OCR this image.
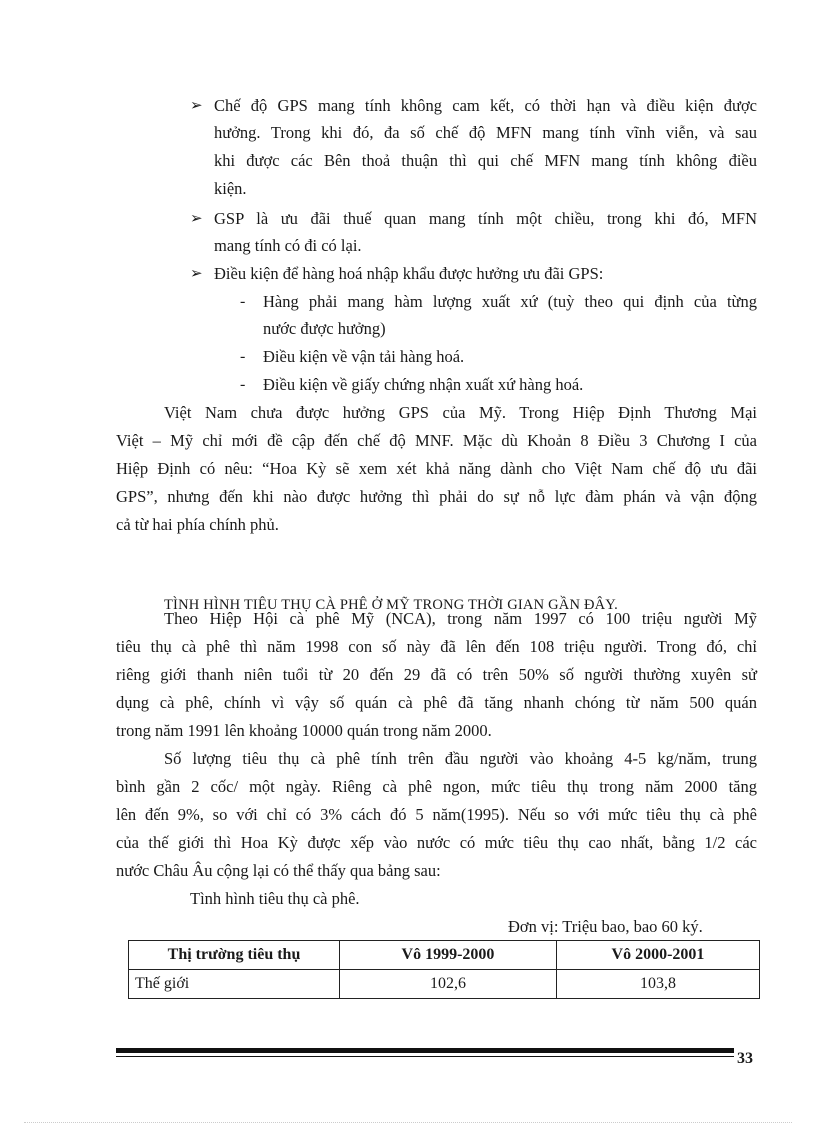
➢ Chế độ GPS mang tính không cam kết, có thời hạn và điều kiện được

hưởng. Trong khi đó, đa số chế độ MFN mang tính vĩnh viễn, và sau

khi được các Bên thoả thuận thì qui chế MFN mang tính không điều

kiện.

➢ GSP là ưu đãi thuế quan mang tính một chiều, trong khi đó, MFN

mang tính có đi có lại.

➢ Điều kiện để hàng hoá nhập khẩu được hưởng ưu đãi GPS:

- Hàng phải mang hàm lượng xuất xứ (tuỳ theo qui định của từng

nước được hưởng)

- Điều kiện về vận tải hàng hoá.

- Điều kiện về giấy chứng nhận xuất xứ hàng hoá.

Việt Nam chưa được hưởng GPS của Mỹ. Trong Hiệp Định Thương Mại

Việt – Mỹ chỉ mới đề cập đến chế độ MNF. Mặc dù Khoản 8 Điều 3 Chương I của

Hiệp Định có nêu: “Hoa Kỳ sẽ xem xét khả năng dành cho Việt Nam chế độ ưu đãi

GPS”, nhưng đến khi nào được hưởng thì phải do sự nỗ lực đàm phán và vận động

cả từ hai phía chính phủ.

TÌNH HÌNH TIÊU THỤ CÀ PHÊ Ở MỸ TRONG THỜI GIAN GẦN ĐÂY.

Theo Hiệp Hội cà phê Mỹ (NCA), trong năm 1997 có 100 triệu người Mỹ

tiêu thụ cà phê thì năm 1998 con số này đã lên đến 108 triệu người. Trong đó, chỉ

riêng giới thanh niên tuổi từ 20 đến 29 đã có trên 50% số người thường xuyên sử

dụng cà phê, chính vì vậy số quán cà phê đã tăng nhanh chóng từ năm 500 quán

trong năm 1991 lên khoảng 10000 quán trong năm 2000.

Số lượng tiêu thụ cà phê tính trên đầu người vào khoảng 4-5 kg/năm, trung

bình gần 2 cốc/ một ngày. Riêng cà phê ngon, mức tiêu thụ trong năm 2000 tăng

lên đến 9%, so với chỉ có 3% cách đó 5 năm(1995). Nếu so với mức tiêu thụ cà phê

của thế giới thì Hoa Kỳ được xếp vào nước có mức tiêu thụ cao nhất, bằng 1/2 các

nước Châu Âu cộng lại có thể thấy qua bảng sau:

Tình hình tiêu thụ cà phê.

Đơn vị: Triệu bao, bao 60 ký.

Thị trường tiêu thụ	Vô 1999-2000	Vô 2000-2001
Thế giới	102,6	103,8
33
